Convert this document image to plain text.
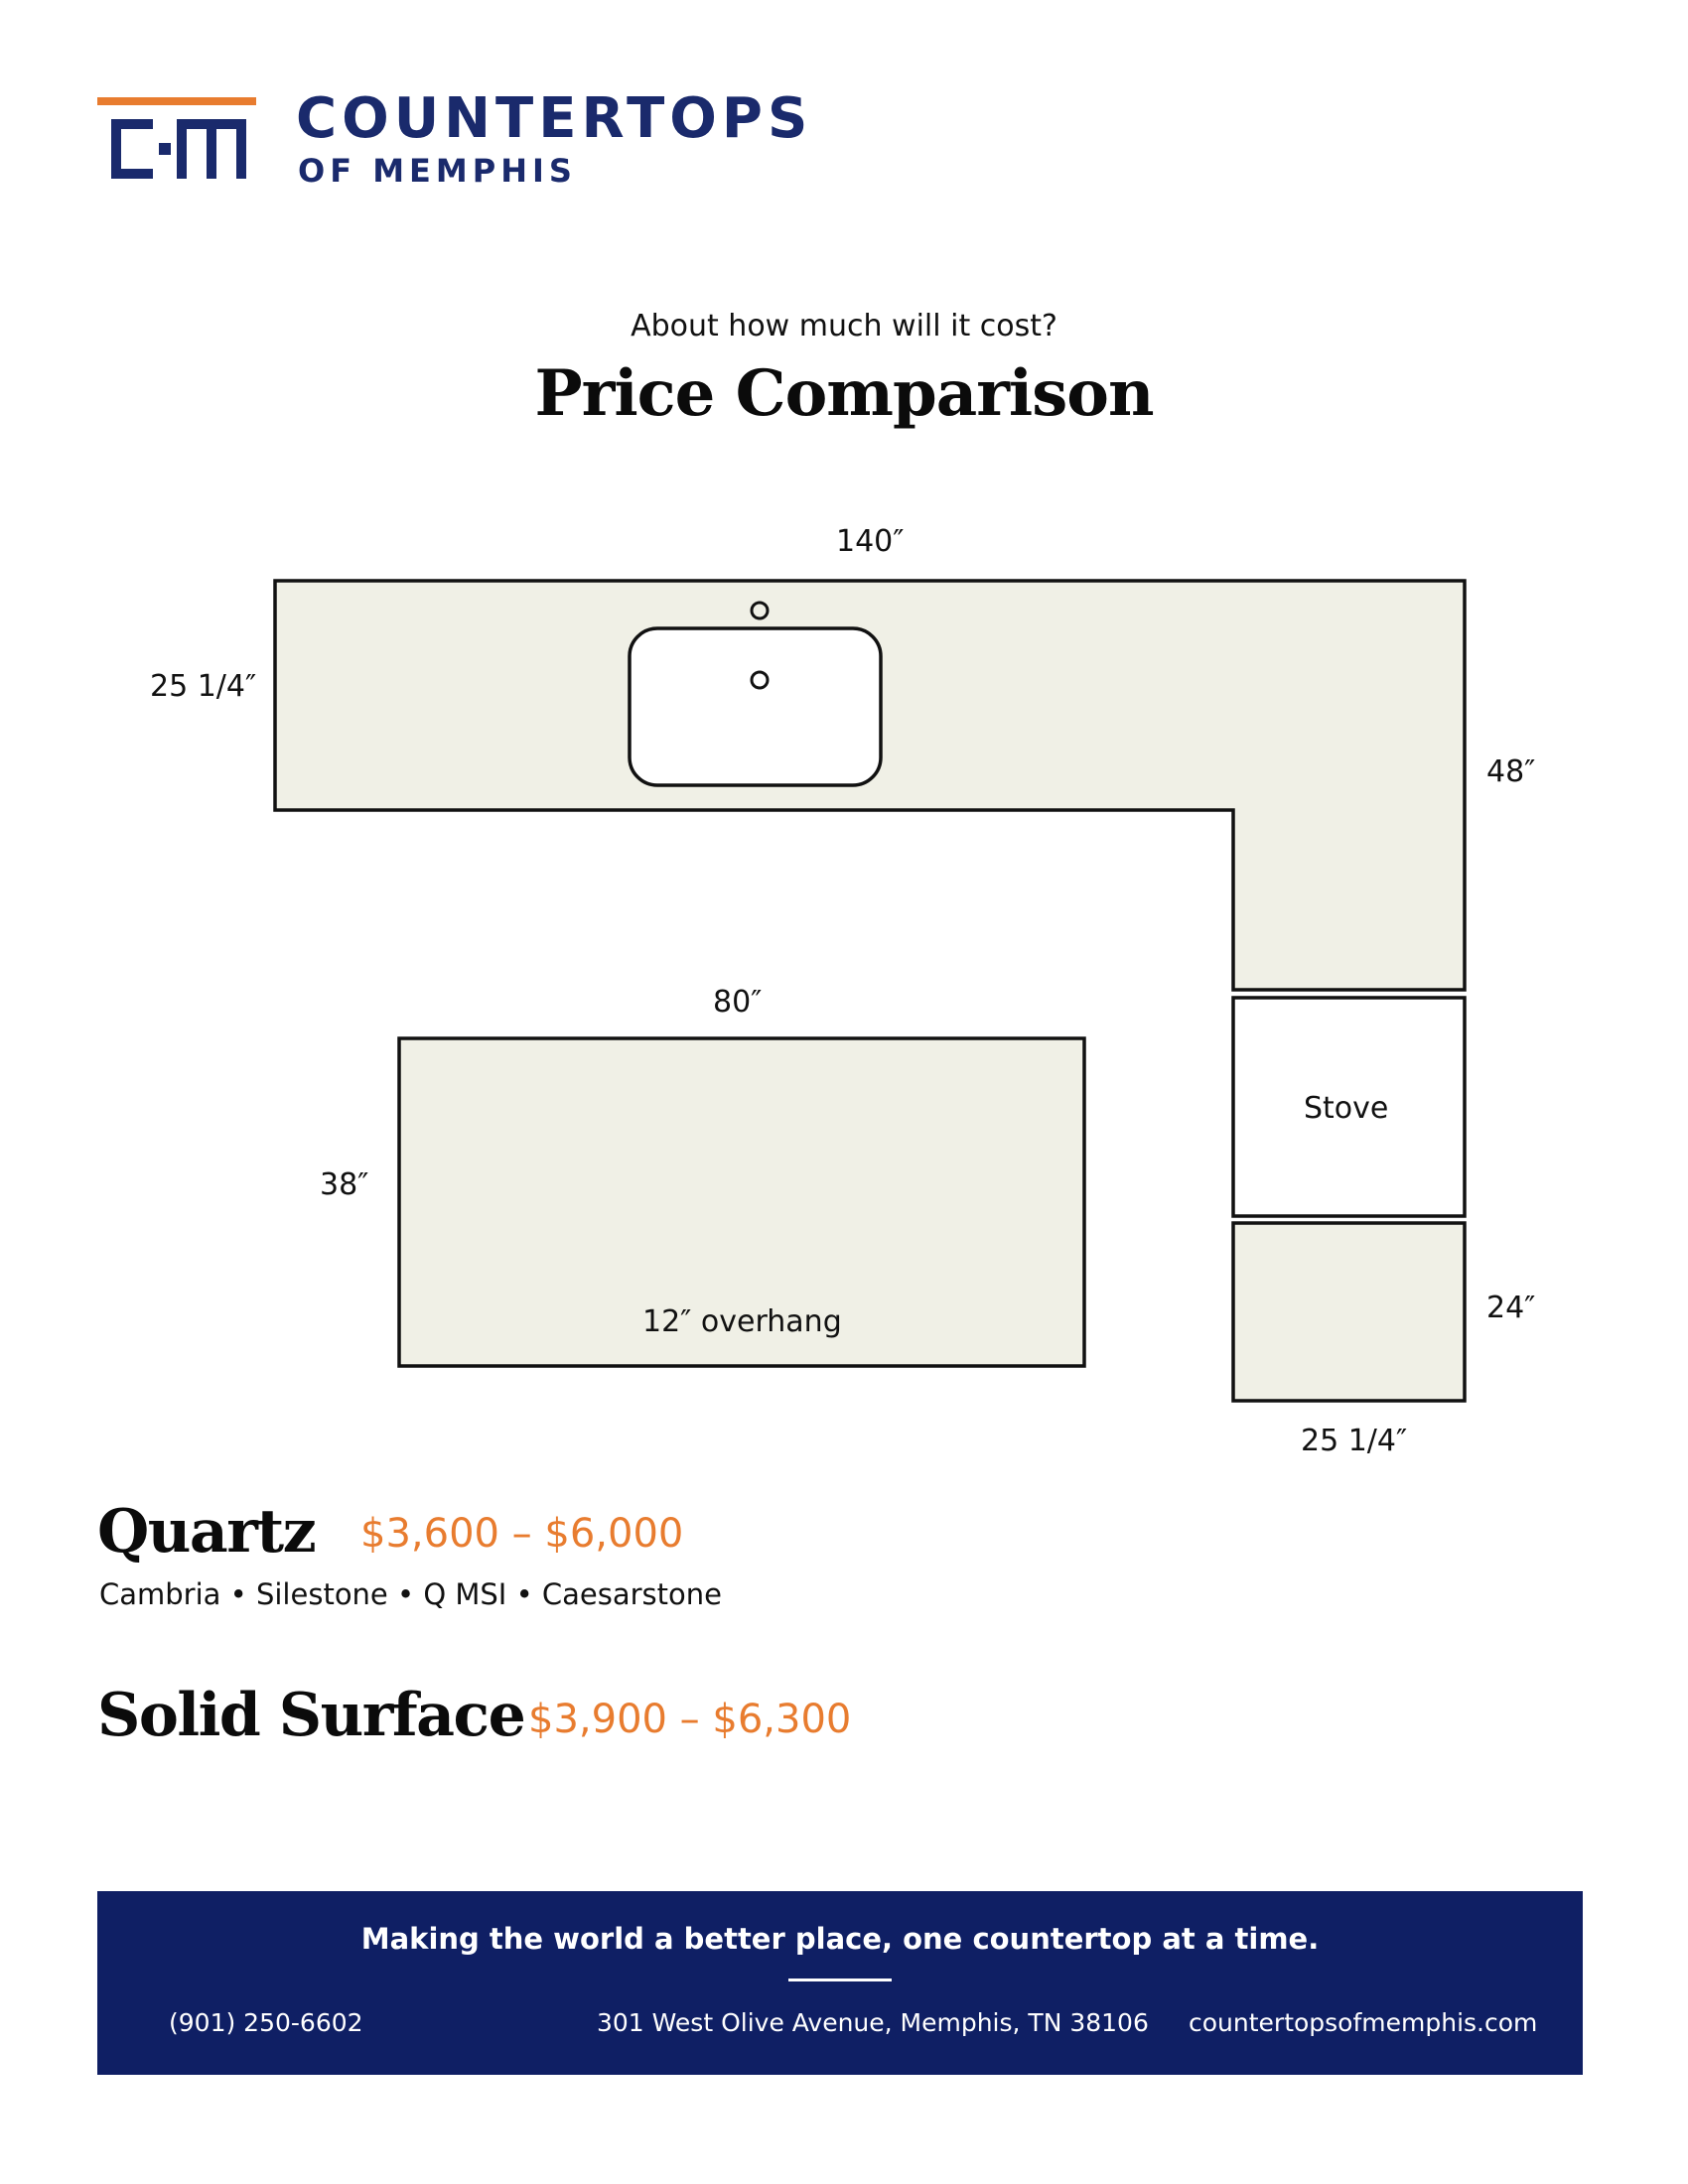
COUNTERTOPS
OF MEMPHIS
About how much will it cost?
Price Comparison
140″
25 1/4″
48″
80″
38″
12″ overhang
Stove
24″
25 1/4″
Quartz $3,600 – $6,000
Cambria • Silestone • Q MSI • Caesarstone
Solid Surface $3,900 – $6,300
Making the world a better place, one countertop at a time.
(901) 250-6602	301 West Olive Avenue, Memphis, TN 38106 countertopsofmemphis.com
